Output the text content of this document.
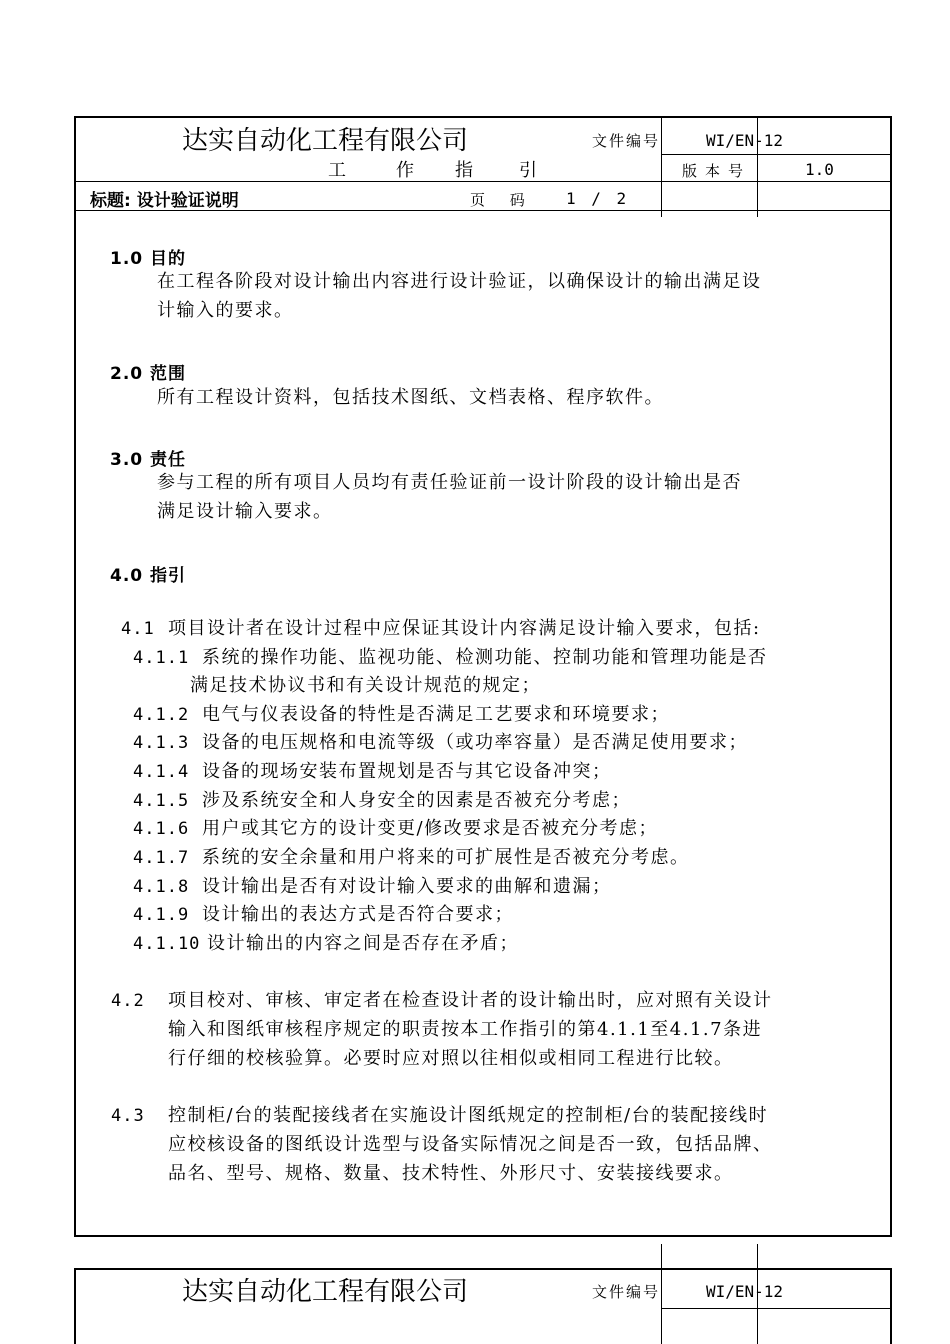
达实自动化工程有限公司	文件编号	WI/EN-12
工	作 指	引	版本号	1.0
标题: 设计验证说明	页 码 1 / 2
1.0 目的
在工程各阶段对设计输出内容进行设计验证，以确保设计的输出满足设
计输入的要求。
2.0 范围
所有工程设计资料，包括技术图纸、文档表格、程序软件。
3.0 责任
参与工程的所有项目人员均有责任验证前一设计阶段的设计输出是否
满足设计输入要求。
4.0 指引
4.1 项目设计者在设计过程中应保证其设计内容满足设计输入要求，包括:
4.1.1 系统的操作功能、监视功能、检测功能、控制功能和管理功能是否
满足技术协议书和有关设计规范的规定；
4.1.2 电气与仪表设备的特性是否满足工艺要求和环境要求；
4.1.3 设备的电压规格和电流等级（或功率容量）是否满足使用要求；
4.1.4 设备的现场安装布置规划是否与其它设备冲突；
4.1.5 涉及系统安全和人身安全的因素是否被充分考虑；
4.1.6 用户或其它方的设计变更/修改要求是否被充分考虑；
4.1.7 系统的安全余量和用户将来的可扩展性是否被充分考虑。
4.1.8 设计输出是否有对设计输入要求的曲解和遗漏；
4.1.9 设计输出的表达方式是否符合要求；
4.1.10 设计输出的内容之间是否存在矛盾；
4.2 项目校对、审核、审定者在检查设计者的设计输出时，应对照有关设计
输入和图纸审核程序规定的职责按本工作指引的第4.1.1至4.1.7条进
行仔细的校核验算。必要时应对照以往相似或相同工程进行比较。
4.3 控制柜/台的装配接线者在实施设计图纸规定的控制柜/台的装配接线时
应校核设备的图纸设计选型与设备实际情况之间是否一致，包括品牌、
品名、型号、规格、数量、技术特性、外形尺寸、安装接线要求。
达实自动化工程有限公司	文件编号	WI/EN-12
